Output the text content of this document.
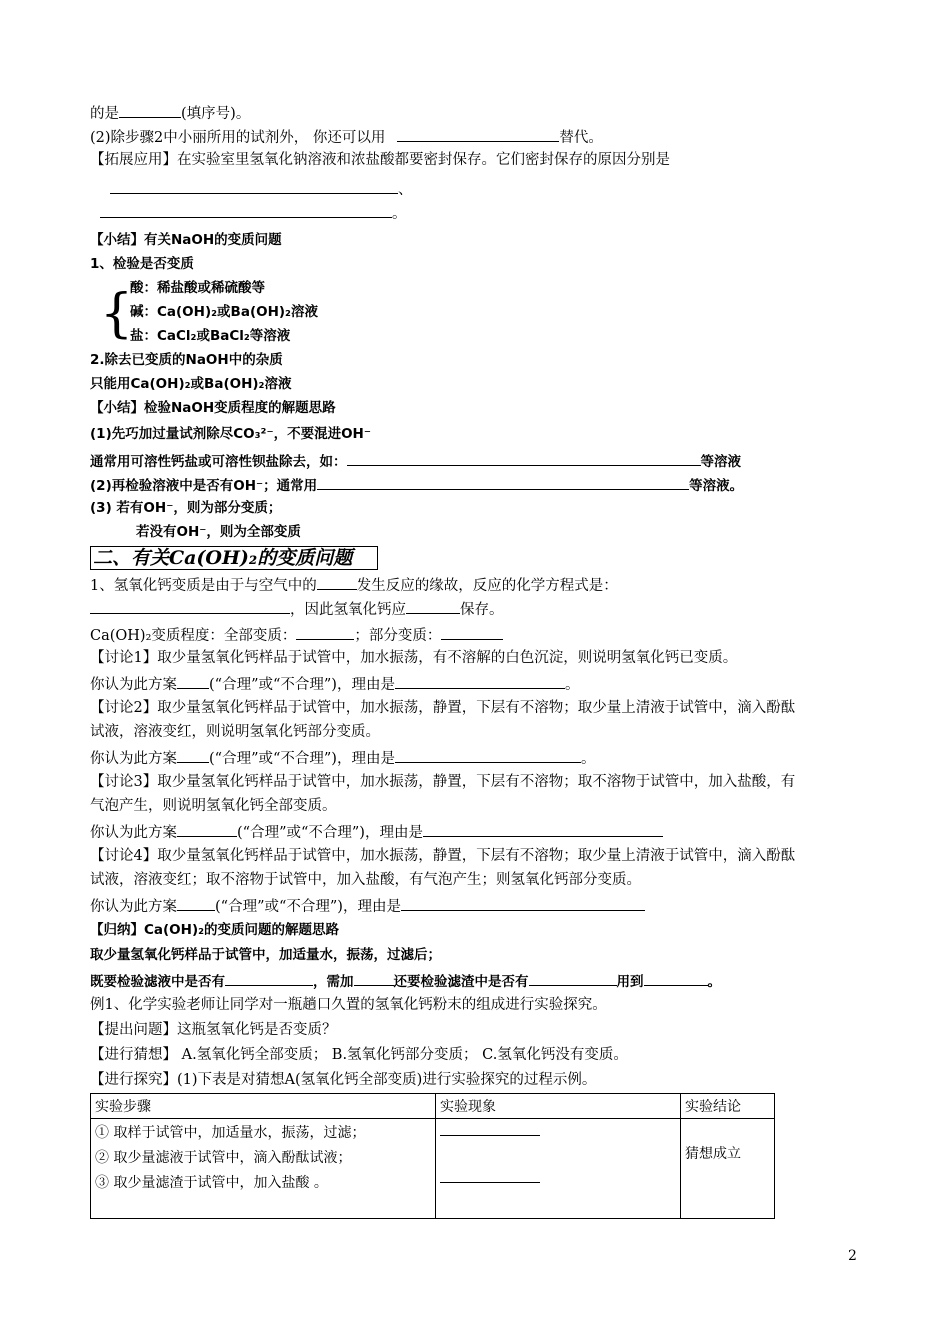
的是	(填序号)。
(2)除步骤2中小丽所用的试剂外， 你还可以用	替代。
【拓展应用】在实验室里氢氧化钠溶液和浓盐酸都要密封保存。它们密封保存的原因分别是
、
。
【小结】有关NaOH的变质问题
1、检验是否变质
{
酸：稀盐酸或稀硫酸等
碱：Ca(OH)₂或Ba(OH)₂溶液
盐：CaCl₂或BaCl₂等溶液
2.除去已变质的NaOH中的杂质
只能用Ca(OH)₂或Ba(OH)₂溶液
【小结】检验NaOH变质程度的解题思路
(1)先巧加过量试剂除尽CO₃²⁻，不要混进OH⁻
通常用可溶性钙盐或可溶性钡盐除去，如：	等溶液
(2)再检验溶液中是否有OH⁻；通常用	等溶液。
(3) 若有OH⁻，则为部分变质；
若没有OH⁻，则为全部变质
二、有关Ca(OH)₂的变质问题
1、氢氧化钙变质是由于与空气中的	发生反应的缘故，反应的化学方程式是：
，因此氢氧化钙应	保存。
Ca(OH)₂变质程度：全部变质：	；部分变质：
【讨论1】取少量氢氧化钙样品于试管中，加水振荡，有不溶解的白色沉淀，则说明氢氧化钙已变质。
你认为此方案 (“合理”或“不合理”)，理由是	。
【讨论2】取少量氢氧化钙样品于试管中，加水振荡，静置，下层有不溶物；取少量上清液于试管中，滴入酚酞
试液，溶液变红，则说明氢氧化钙部分变质。
你认为此方案 (“合理”或“不合理”)，理由是	。
【讨论3】取少量氢氧化钙样品于试管中，加水振荡，静置，下层有不溶物；取不溶物于试管中，加入盐酸，有
气泡产生，则说明氢氧化钙全部变质。
你认为此方案	(“合理”或“不合理”)，理由是
【讨论4】取少量氢氧化钙样品于试管中，加水振荡，静置，下层有不溶物；取少量上清液于试管中，滴入酚酞
试液，溶液变红；取不溶物于试管中，加入盐酸，有气泡产生；则氢氧化钙部分变质。
你认为此方案	(“合理”或“不合理”)，理由是
【归纳】Ca(OH)₂的变质问题的解题思路
取少量氢氧化钙样品于试管中，加适量水，振荡，过滤后；
既要检验滤液中是否有	，需加	还要检验滤渣中是否有	用到	。
例1、化学实验老师让同学对一瓶趟口久置的氢氧化钙粉末的组成进行实验探究。
【提出问题】这瓶氢氧化钙是否变质？
【进行猜想】 A.氢氧化钙全部变质； B.氢氧化钙部分变质； C.氢氧化钙没有变质。
【进行探究】(1)下表是对猜想A(氢氧化钙全部变质)进行实验探究的过程示例。
实验步骤	实验现象	实验结论

① 取样于试管中，加适量水，振荡，过滤；
② 取少量滤液于试管中，滴入酚酞试液；
③ 取少量滤渣于试管中，加入盐酸 。		猜想成立
2
